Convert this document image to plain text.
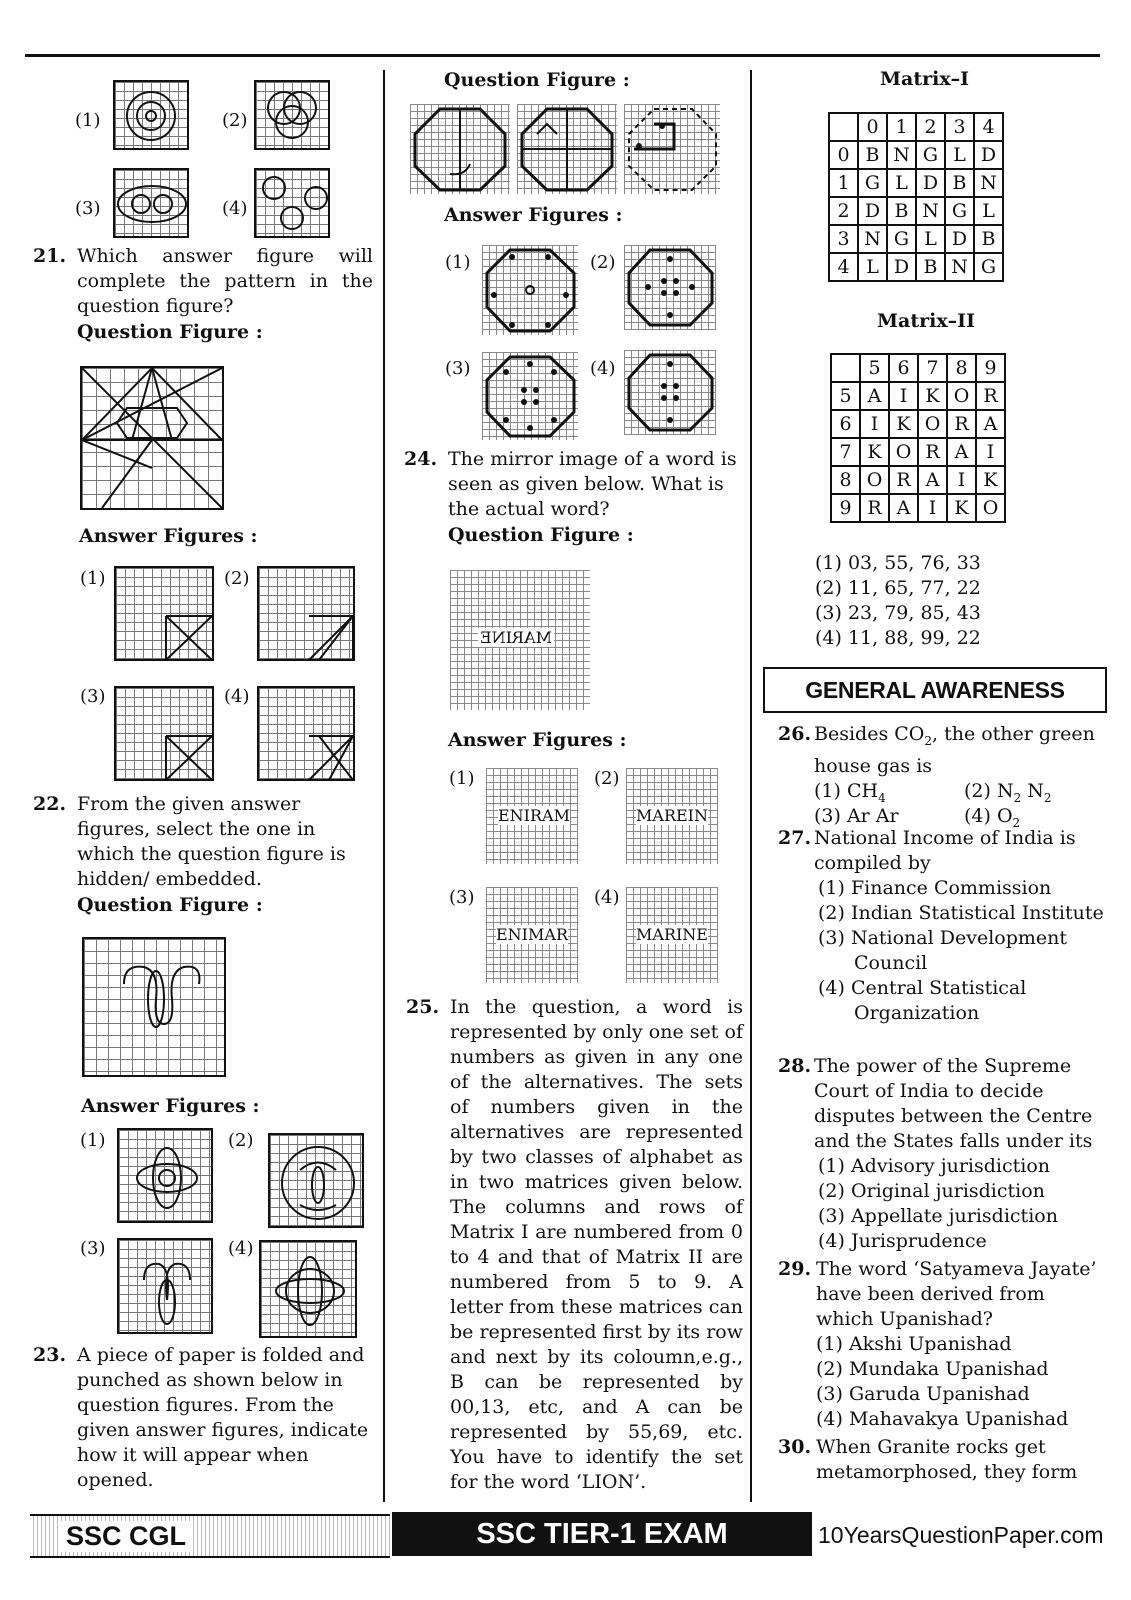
(1)	(2)
(3)	(4)
21. Which answer figure will complete the pattern in the question figure?
Question Figure :
Answer Figures :
(1)	(2)
(3)	(4)
22. From the given answer figures, select the one in which the question figure is hidden/ embedded.
Question Figure :
Answer Figures :
(1)	(2)
(3)	(4)
23. A piece of paper is folded and punched as shown below in question figures. From the given answer figures, indicate how it will appear when opened.
Question Figure :
Answer Figures :
(1)	(2)
(3)	(4)
24. The mirror image of a word is seen as given below. What is the actual word?
Question Figure :
MARINE
Answer Figures :
(1)
ENIRAM
(2)
MAREIN
(3)
ENIMAR
(4)
MARINE
25. In the question, a word is represented by only one set of numbers as given in any one of the alternatives. The sets of numbers given in the alternatives are represented by two classes of alphabet as in two matrices given below. The columns and rows of Matrix I are numbered from 0 to 4 and that of Matrix II are numbered from 5 to 9. A letter from these matrices can be represented first by its row and next by its coloumn,e.g., B can be represented by 00,13, etc, and A can be represented by 55,69, etc. You have to identify the set for the word ‘LION’.
Matrix–I
	0	1	2	3	4
0	B	N	G	L	D
1	G	L	D	B	N
2	D	B	N	G	L
3	N	G	L	D	B
4	L	D	B	N	G
Matrix–II
	5	6	7	8	9
5	A	I	K	O	R
6	I	K	O	R	A
7	K	O	R	A	I
8	O	R	A	I	K
9	R	A	I	K	O
(1) 03, 55, 76, 33
(2) 11, 65, 77, 22
(3) 23, 79, 85, 43
(4) 11, 88, 99, 22
GENERAL AWARENESS
26. Besides $CO_2$, the other green house gas is
(1) $CH_4$	(2) $N_2$ $N_2$
(3) Ar Ar	(4) $O_2$
27. National Income of India is compiled by
(1) Finance Commission
(2) Indian Statistical Institute
(3) National Development Council
(4) Central Statistical Organization
28. The power of the Supreme Court of India to decide disputes between the Centre and the States falls under its
(1) Advisory jurisdiction
(2) Original jurisdiction
(3) Appellate jurisdiction
(4) Jurisprudence
29. The word ‘Satyameva Jayate’ have been derived from which Upanishad?
(1) Akshi Upanishad
(2) Mundaka Upanishad
(3) Garuda Upanishad
(4) Mahavakya Upanishad
30. When Granite rocks get metamorphosed, they form
SSC CGL	SSC TIER-1 EXAM	10YearsQuestionPaper.com
